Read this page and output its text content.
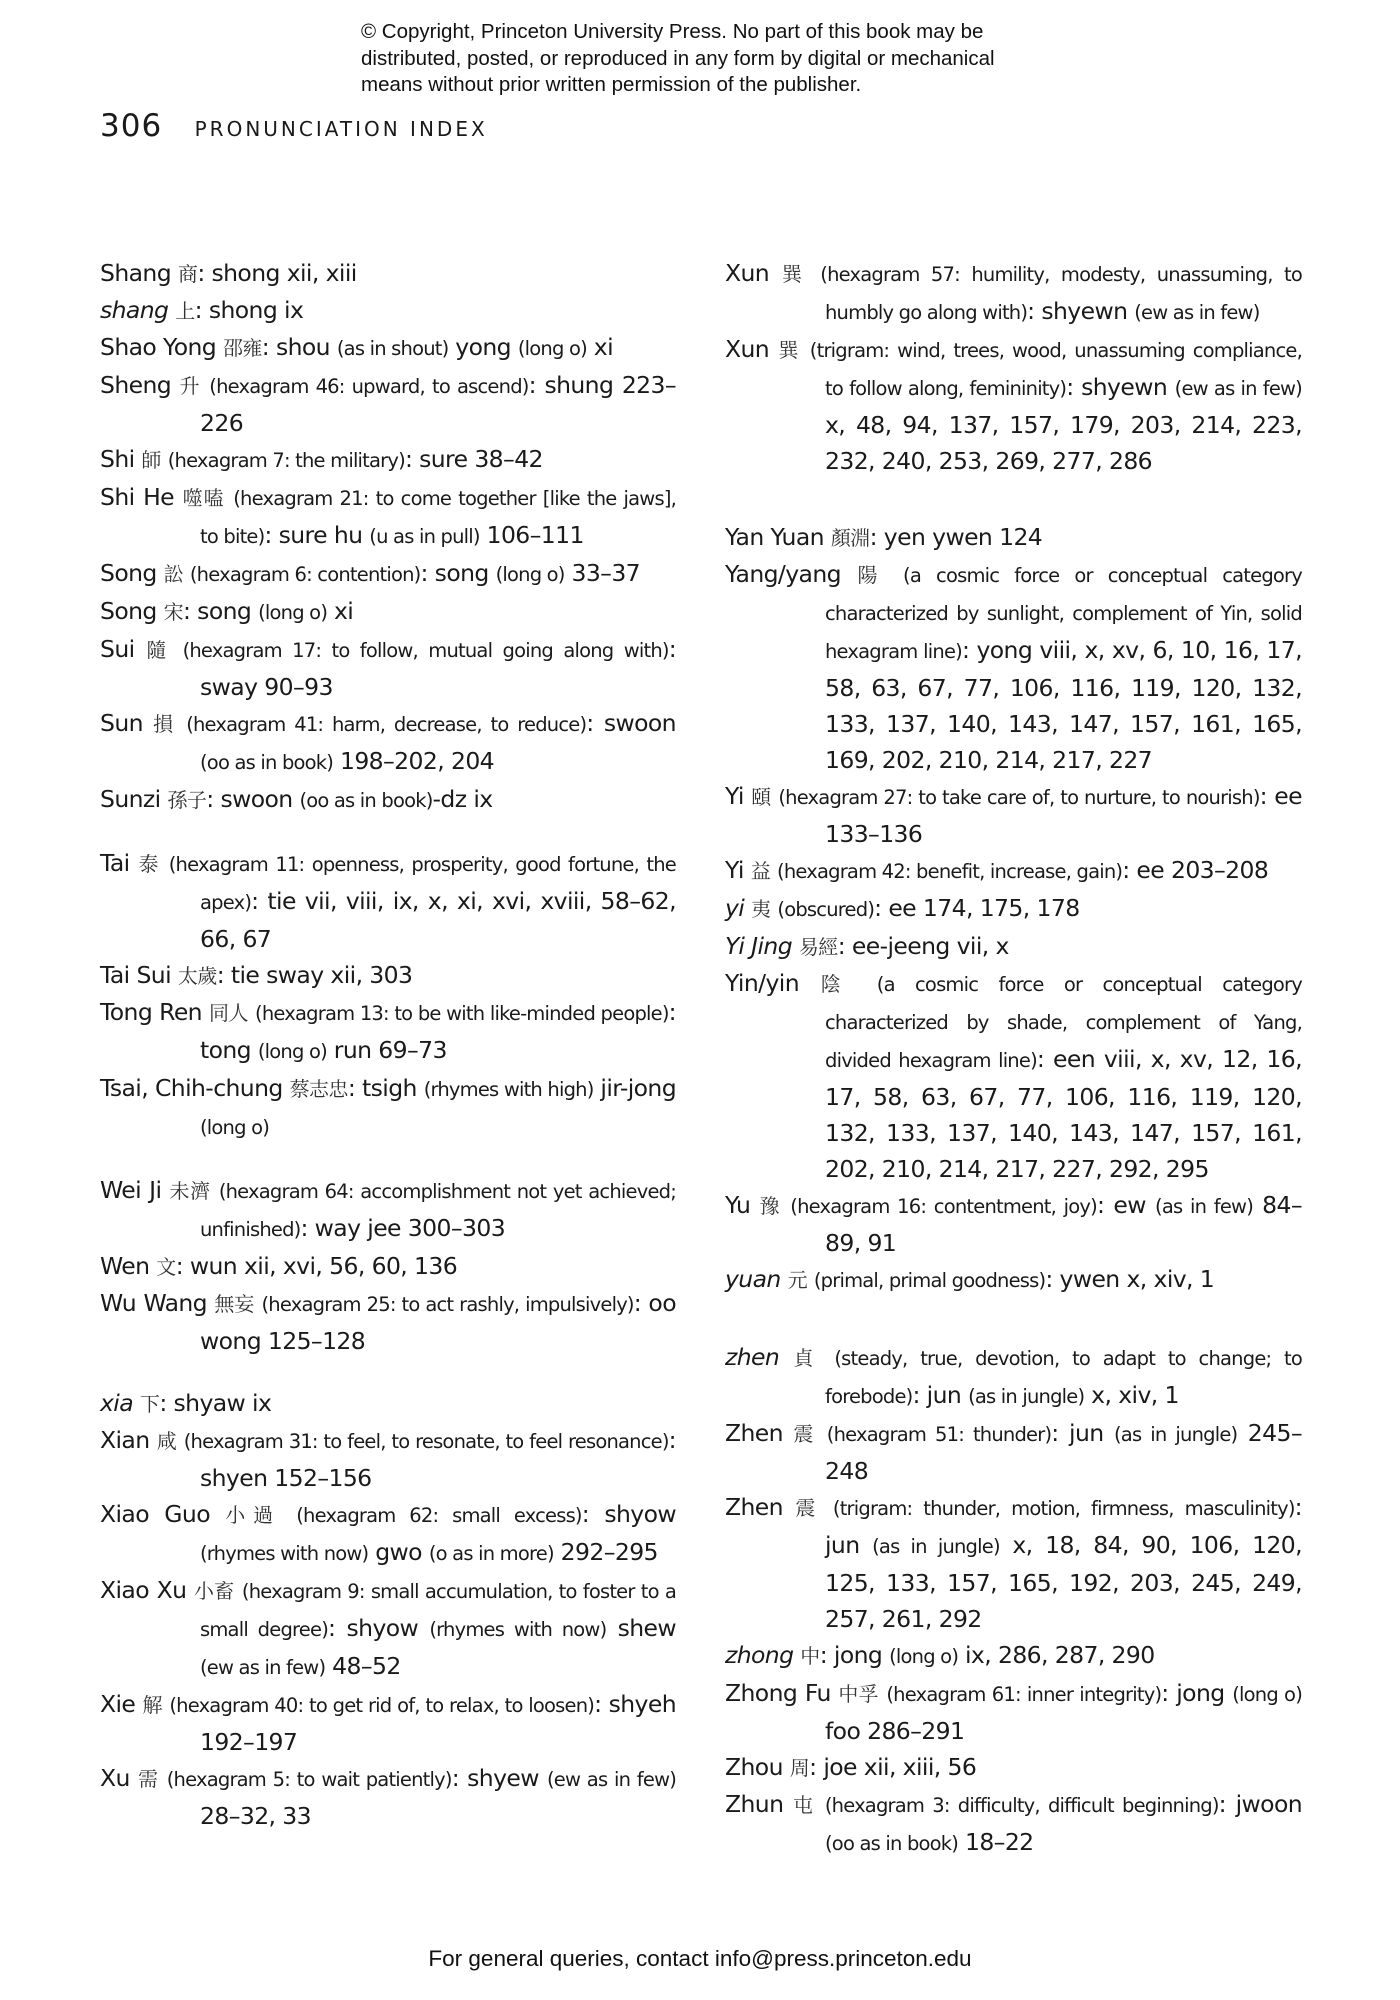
© Copyright, Princeton University Press. No part of this book may be
distributed, posted, or reproduced in any form by digital or mechanical
means without prior written permission of the publisher.
306 PRONUNCIATION INDEX
Shang 商: shong xii, xiii
shang 上: shong ix
Shao Yong 邵雍: shou (as in shout) yong (long o) xi
Sheng 升 (hexagram 46: upward, to ascend): shung 223–226
Shi 師 (hexagram 7: the military): sure 38–42
Shi He 噬嗑 (hexagram 21: to come together [like the jaws], to bite): sure hu (u as in pull) 106–111
Song 訟 (hexagram 6: contention): song (long o) 33–37
Song 宋: song (long o) xi
Sui 隨 (hexagram 17: to follow, mutual going along with): sway 90–93
Sun 損 (hexagram 41: harm, decrease, to reduce): swoon (oo as in book) 198–202, 204
Sunzi 孫子: swoon (oo as in book)-dz ix
Tai 泰 (hexagram 11: openness, prosperity, good fortune, the apex): tie vii, viii, ix, x, xi, xvi, xviii, 58–62, 66, 67
Tai Sui 太歲: tie sway xii, 303
Tong Ren 同人 (hexagram 13: to be with like-minded people): tong (long o) run 69–73
Tsai, Chih-chung 蔡志忠: tsigh (rhymes with high) jir-jong (long o)
Wei Ji 未濟 (hexagram 64: accomplishment not yet achieved; unfinished): way jee 300–303
Wen 文: wun xii, xvi, 56, 60, 136
Wu Wang 無妄 (hexagram 25: to act rashly, impulsively): oo wong 125–128
xia 下: shyaw ix
Xian 咸 (hexagram 31: to feel, to resonate, to feel resonance): shyen 152–156
Xiao Guo 小過 (hexagram 62: small excess): shyow (rhymes with now) gwo (o as in more) 292–295
Xiao Xu 小畜 (hexagram 9: small accumulation, to foster to a small degree): shyow (rhymes with now) shew (ew as in few) 48–52
Xie 解 (hexagram 40: to get rid of, to relax, to loosen): shyeh 192–197
Xu 需 (hexagram 5: to wait patiently): shyew (ew as in few) 28–32, 33
Xun 巽 (hexagram 57: humility, modesty, unassuming, to humbly go along with): shyewn (ew as in few)
Xun 巽 (trigram: wind, trees, wood, unassuming compliance, to follow along, femininity): shyewn (ew as in few) x, 48, 94, 137, 157, 179, 203, 214, 223, 232, 240, 253, 269, 277, 286
Yan Yuan 顏淵: yen ywen 124
Yang/yang 陽 (a cosmic force or conceptual category characterized by sunlight, complement of Yin, solid hexagram line): yong viii, x, xv, 6, 10, 16, 17, 58, 63, 67, 77, 106, 116, 119, 120, 132, 133, 137, 140, 143, 147, 157, 161, 165, 169, 202, 210, 214, 217, 227
Yi 頤 (hexagram 27: to take care of, to nurture, to nourish): ee 133–136
Yi 益 (hexagram 42: benefit, increase, gain): ee 203–208
yi 夷 (obscured): ee 174, 175, 178
Yi Jing 易經: ee-jeeng vii, x
Yin/yin 陰 (a cosmic force or conceptual category characterized by shade, complement of Yang, divided hexagram line): een viii, x, xv, 12, 16, 17, 58, 63, 67, 77, 106, 116, 119, 120, 132, 133, 137, 140, 143, 147, 157, 161, 202, 210, 214, 217, 227, 292, 295
Yu 豫 (hexagram 16: contentment, joy): ew (as in few) 84–89, 91
yuan 元 (primal, primal goodness): ywen x, xiv, 1
zhen 貞 (steady, true, devotion, to adapt to change; to forebode): jun (as in jungle) x, xiv, 1
Zhen 震 (hexagram 51: thunder): jun (as in jungle) 245–248
Zhen 震 (trigram: thunder, motion, firmness, masculinity): jun (as in jungle) x, 18, 84, 90, 106, 120, 125, 133, 157, 165, 192, 203, 245, 249, 257, 261, 292
zhong 中: jong (long o) ix, 286, 287, 290
Zhong Fu 中孚 (hexagram 61: inner integrity): jong (long o) foo 286–291
Zhou 周: joe xii, xiii, 56
Zhun 屯 (hexagram 3: difficulty, difficult beginning): jwoon (oo as in book) 18–22
For general queries, contact info@press.princeton.edu
